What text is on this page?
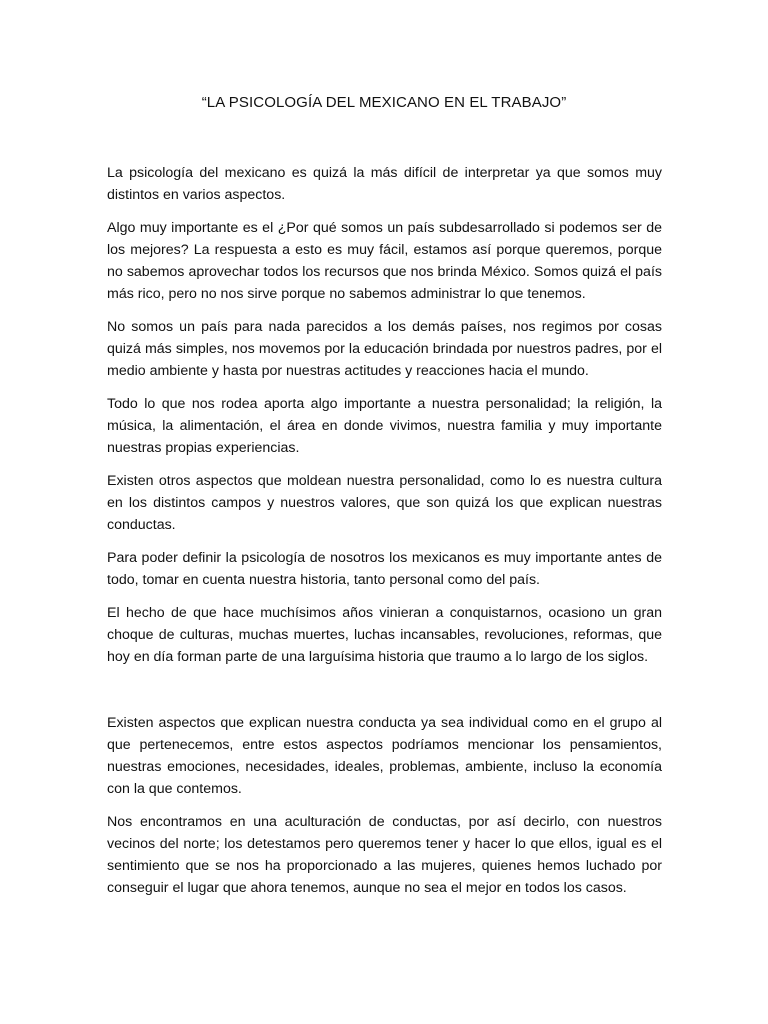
“LA PSICOLOGÍA DEL MEXICANO EN EL TRABAJO”

La psicología del mexicano es quizá la más difícil de interpretar ya que somos muy distintos en varios aspectos.

Algo muy importante es el ¿Por qué somos un país subdesarrollado si podemos ser de los mejores? La respuesta a esto es muy fácil, estamos así porque queremos, porque no sabemos aprovechar todos los recursos que nos brinda México. Somos quizá el país más rico, pero no nos sirve porque no sabemos administrar lo que tenemos.

No somos un país para nada parecidos a los demás países, nos regimos por cosas quizá más simples, nos movemos por la educación brindada por nuestros padres, por el medio ambiente y hasta por nuestras actitudes y reacciones hacia el mundo.

Todo lo que nos rodea aporta algo importante a nuestra personalidad; la religión, la música, la alimentación, el área en donde vivimos, nuestra familia y muy importante nuestras propias experiencias.

Existen otros aspectos que moldean nuestra personalidad, como lo es nuestra cultura en los distintos campos y nuestros valores, que son quizá los que explican nuestras conductas.

Para poder definir la psicología de nosotros los mexicanos es muy importante antes de todo, tomar en cuenta nuestra historia, tanto personal como del país.

El hecho de que hace muchísimos años vinieran a conquistarnos, ocasiono un gran choque de culturas, muchas muertes, luchas incansables, revoluciones, reformas, que hoy en día forman parte de una larguísima historia que traumo a lo largo de los siglos.

Existen aspectos que explican nuestra conducta ya sea individual como en el grupo al que pertenecemos, entre estos aspectos podríamos mencionar los pensamientos, nuestras emociones, necesidades, ideales, problemas, ambiente, incluso la economía con la que contemos.

Nos encontramos en una aculturación de conductas, por así decirlo, con nuestros vecinos del norte; los detestamos pero queremos tener y hacer lo que ellos, igual es el sentimiento que se nos ha proporcionado a las mujeres, quienes hemos luchado por conseguir el lugar que ahora tenemos, aunque no sea el mejor en todos los casos.
